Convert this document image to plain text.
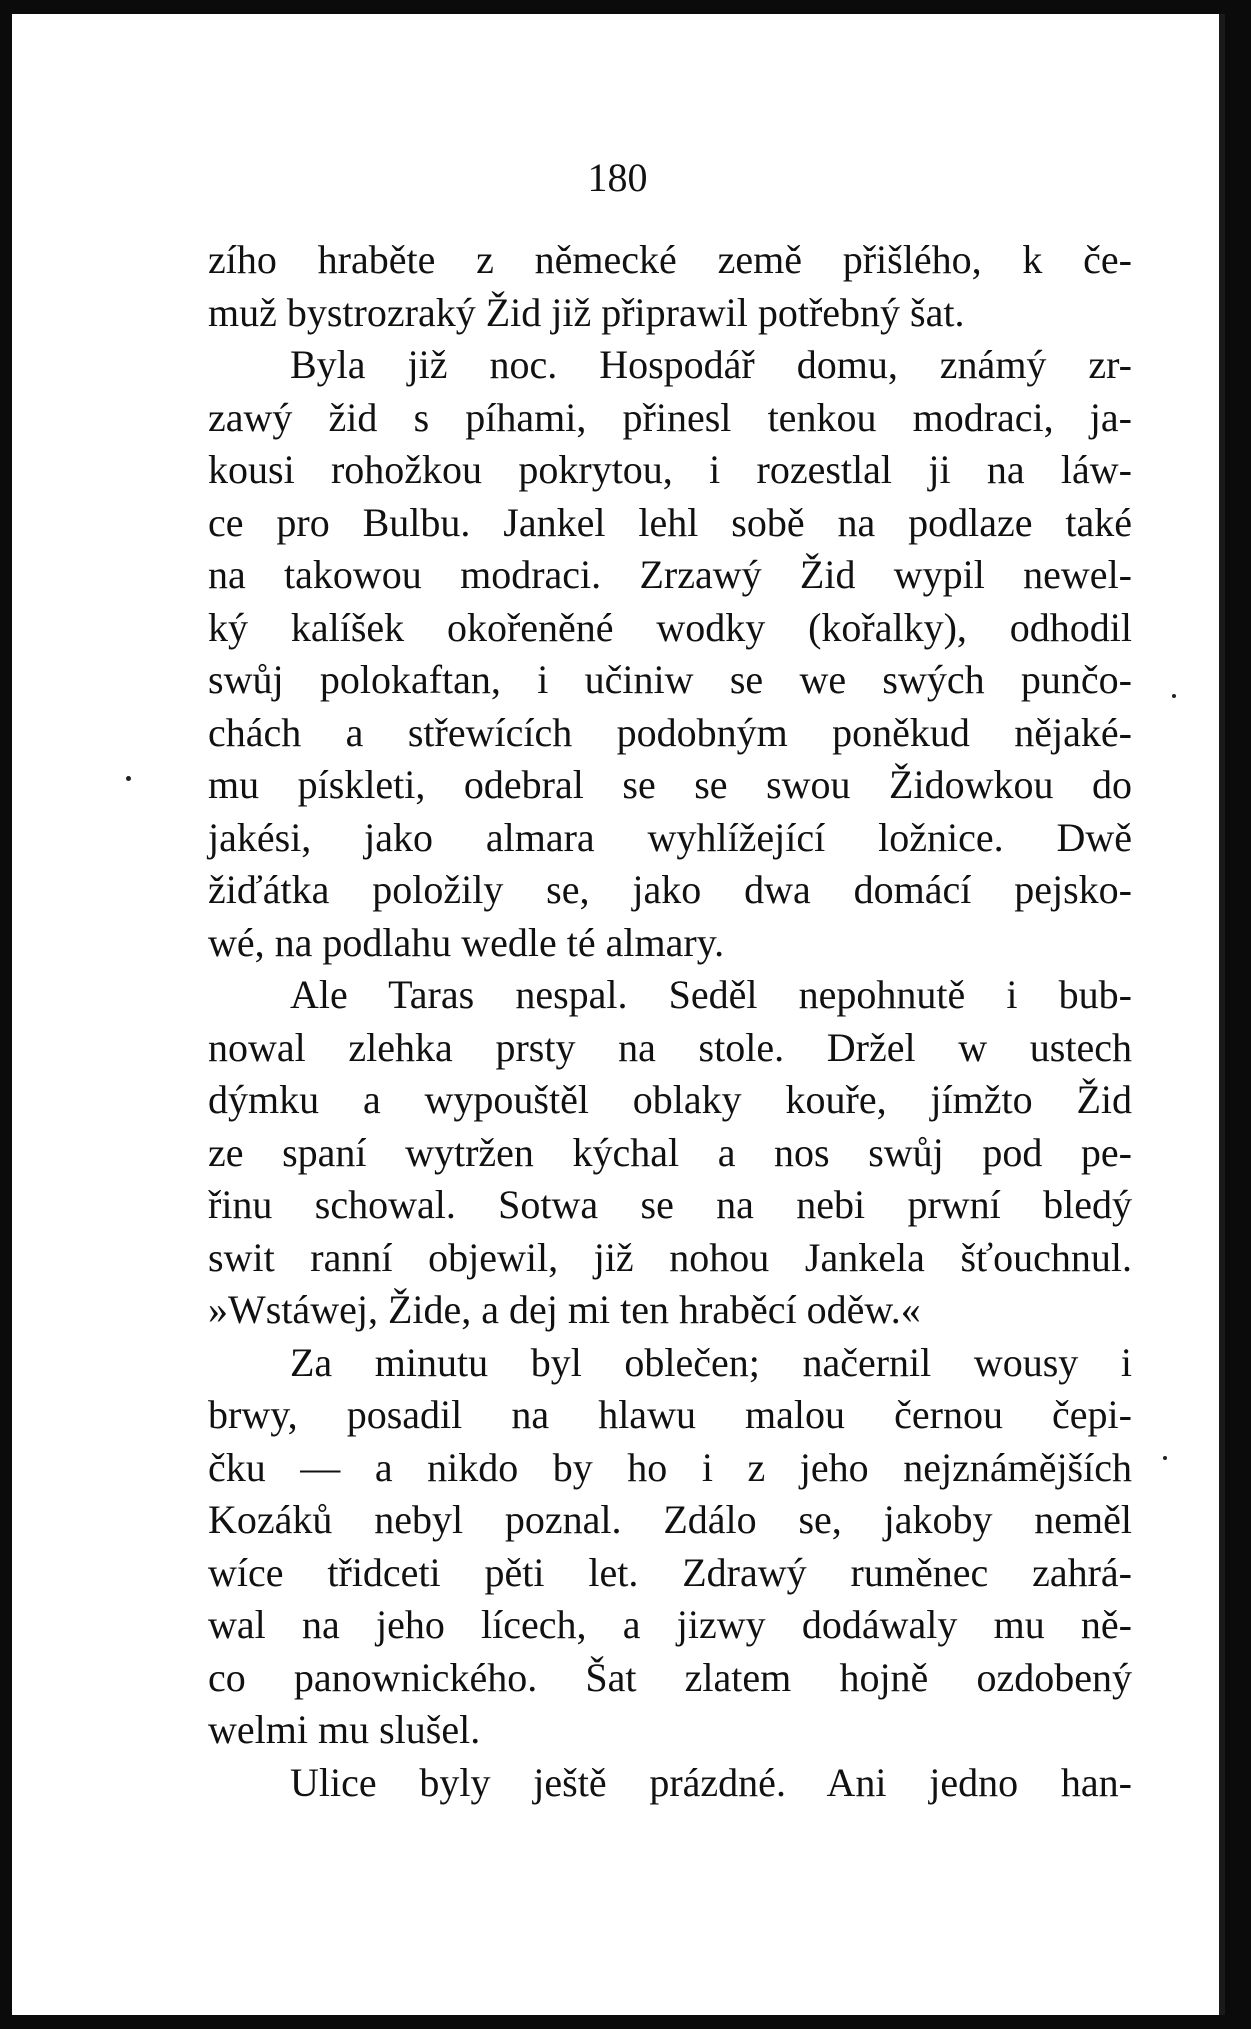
180
zího hraběte z německé země přišlého, k če-
muž bystrozraký Žid již připrawil potřebný šat.
Byla již noc. Hospodář domu, známý zr-
zawý žid s píhami, přinesl tenkou modraci, ja-
kousi rohožkou pokrytou, i rozestlal ji na láw-
ce pro Bulbu. Jankel lehl sobě na podlaze také
na takowou modraci. Zrzawý Žid wypil newel-
ký kalíšek okořeněné wodky (kořalky), odhodil
swůj polokaftan, i učiniw se we swých punčo-
chách a střewících podobným poněkud nějaké-
mu pískleti, odebral se se swou Židowkou do
jakési, jako almara wyhlížející ložnice. Dwě
žiďátka položily se, jako dwa domácí pejsko-
wé, na podlahu wedle té almary.
Ale Taras nespal. Seděl nepohnutě i bub-
nowal zlehka prsty na stole. Držel w ustech
dýmku a wypouštěl oblaky kouře, jímžto Žid
ze spaní wytržen kýchal a nos swůj pod pe-
řinu schowal. Sotwa se na nebi prwní bledý
swit ranní objewil, již nohou Jankela šťouchnul.
»Wstáwej, Žide, a dej mi ten hraběcí oděw.«
Za minutu byl oblečen; načernil wousy i
brwy, posadil na hlawu malou černou čepi-
čku — a nikdo by ho i z jeho nejznámějších
Kozáků nebyl poznal. Zdálo se, jakoby neměl
wíce třidceti pěti let. Zdrawý ruměnec zahrá-
wal na jeho lícech, a jizwy dodáwaly mu ně-
co panownického. Šat zlatem hojně ozdobený
welmi mu slušel.
Ulice byly ještě prázdné. Ani jedno han-
